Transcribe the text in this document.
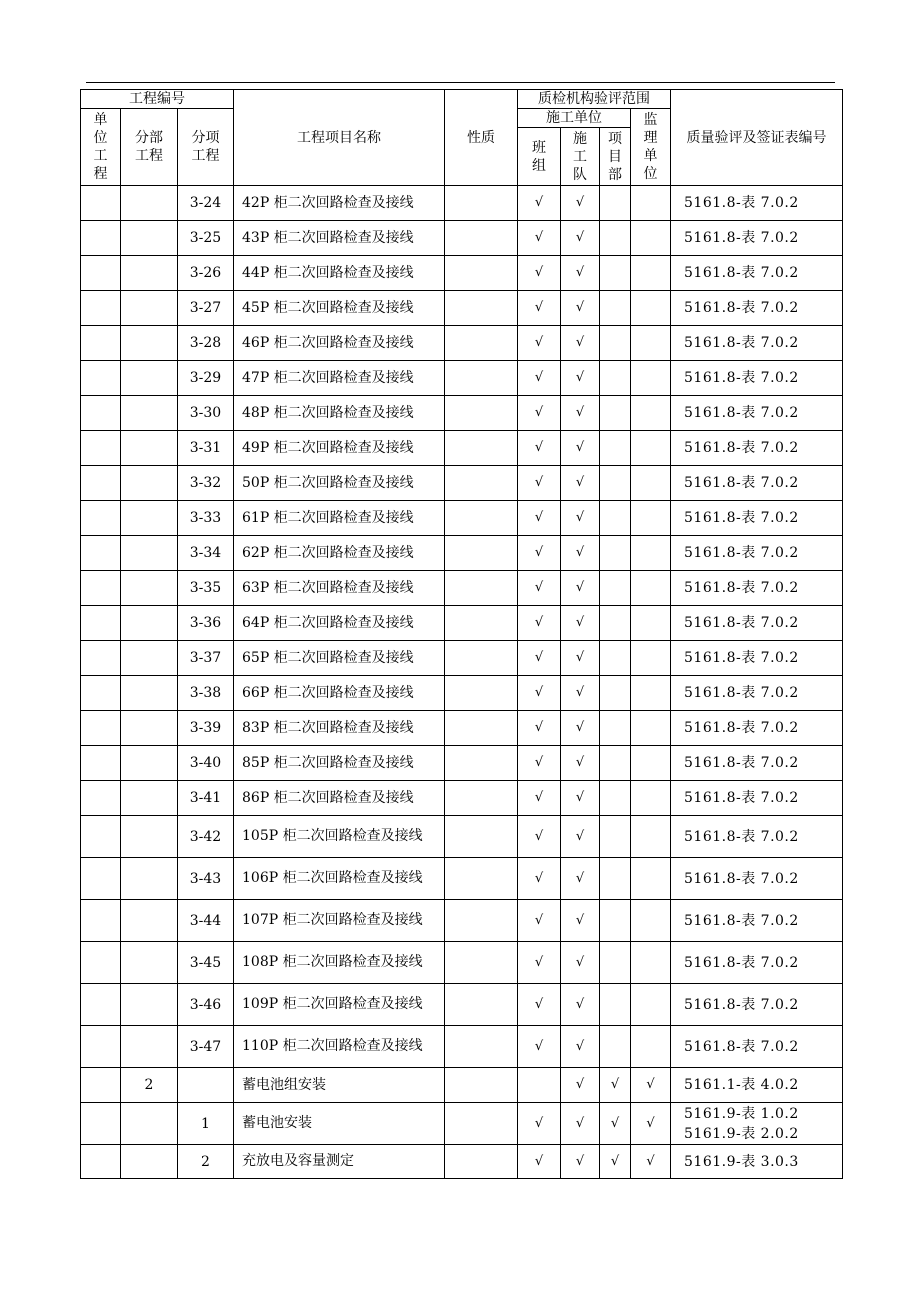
工程编号			工程项目名称	性质	质检机构验评范围				质量验评及签证表编号

单位工程	分部工程	分项工程			施工单位			监理单位	

					班组	施工队	项目部		

		3-24	42P 柜二次回路检查及接线		√	√			5161.8-表 7.0.2

		3-25	43P 柜二次回路检查及接线		√	√			5161.8-表 7.0.2

		3-26	44P 柜二次回路检查及接线		√	√			5161.8-表 7.0.2

		3-27	45P 柜二次回路检查及接线		√	√			5161.8-表 7.0.2

		3-28	46P 柜二次回路检查及接线		√	√			5161.8-表 7.0.2

		3-29	47P 柜二次回路检查及接线		√	√			5161.8-表 7.0.2

		3-30	48P 柜二次回路检查及接线		√	√			5161.8-表 7.0.2

		3-31	49P 柜二次回路检查及接线		√	√			5161.8-表 7.0.2

		3-32	50P 柜二次回路检查及接线		√	√			5161.8-表 7.0.2

		3-33	61P 柜二次回路检查及接线		√	√			5161.8-表 7.0.2

		3-34	62P 柜二次回路检查及接线		√	√			5161.8-表 7.0.2

		3-35	63P 柜二次回路检查及接线		√	√			5161.8-表 7.0.2

		3-36	64P 柜二次回路检查及接线		√	√			5161.8-表 7.0.2

		3-37	65P 柜二次回路检查及接线		√	√			5161.8-表 7.0.2

		3-38	66P 柜二次回路检查及接线		√	√			5161.8-表 7.0.2

		3-39	83P 柜二次回路检查及接线		√	√			5161.8-表 7.0.2

		3-40	85P 柜二次回路检查及接线		√	√			5161.8-表 7.0.2

		3-41	86P 柜二次回路检查及接线		√	√			5161.8-表 7.0.2

		3-42	105P 柜二次回路检查及接线		√	√			5161.8-表 7.0.2

		3-43	106P 柜二次回路检查及接线		√	√			5161.8-表 7.0.2

		3-44	107P 柜二次回路检查及接线		√	√			5161.8-表 7.0.2

		3-45	108P 柜二次回路检查及接线		√	√			5161.8-表 7.0.2

		3-46	109P 柜二次回路检查及接线		√	√			5161.8-表 7.0.2

		3-47	110P 柜二次回路检查及接线		√	√			5161.8-表 7.0.2

	2		蓄电池组安装			√	√	√	5161.1-表 4.0.2

		1	蓄电池安装		√	√	√	√	5161.9-表 1.0.2
5161.9-表 2.0.2

		2	充放电及容量测定		√	√	√	√	5161.9-表 3.0.3
